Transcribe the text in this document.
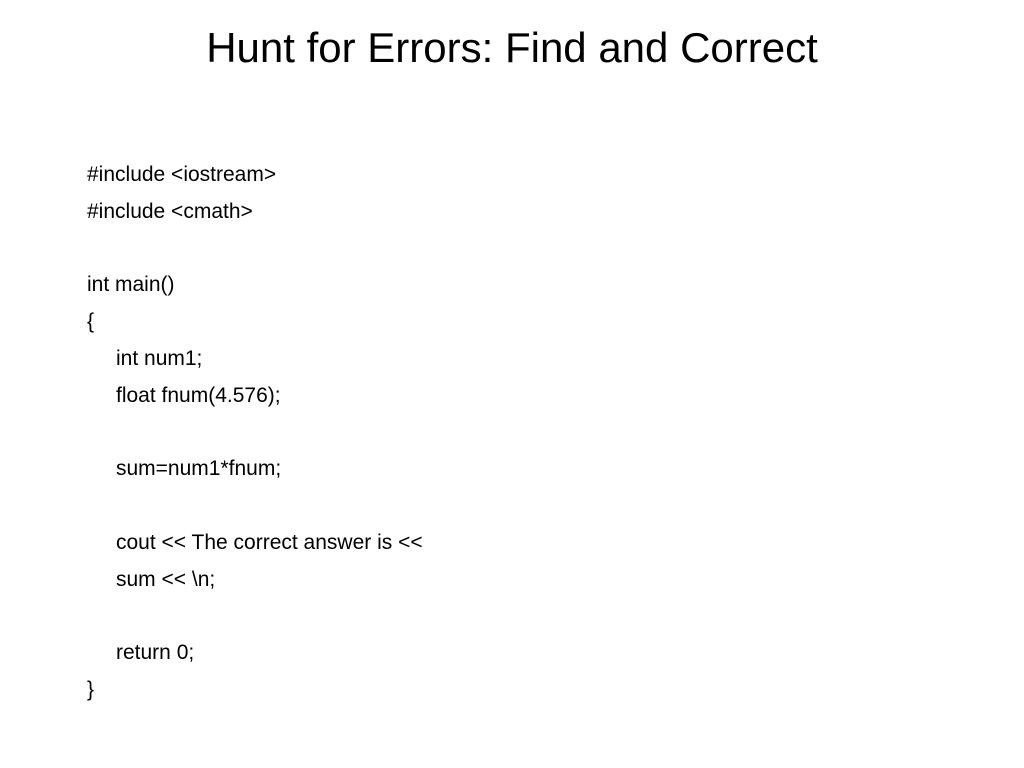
Hunt for Errors: Find and Correct
#include <iostream>
#include <cmath>
int main()
{
int num1;
float fnum(4.576);
sum=num1*fnum;
cout << The correct answer is <<
sum << \n;
return 0;
}
